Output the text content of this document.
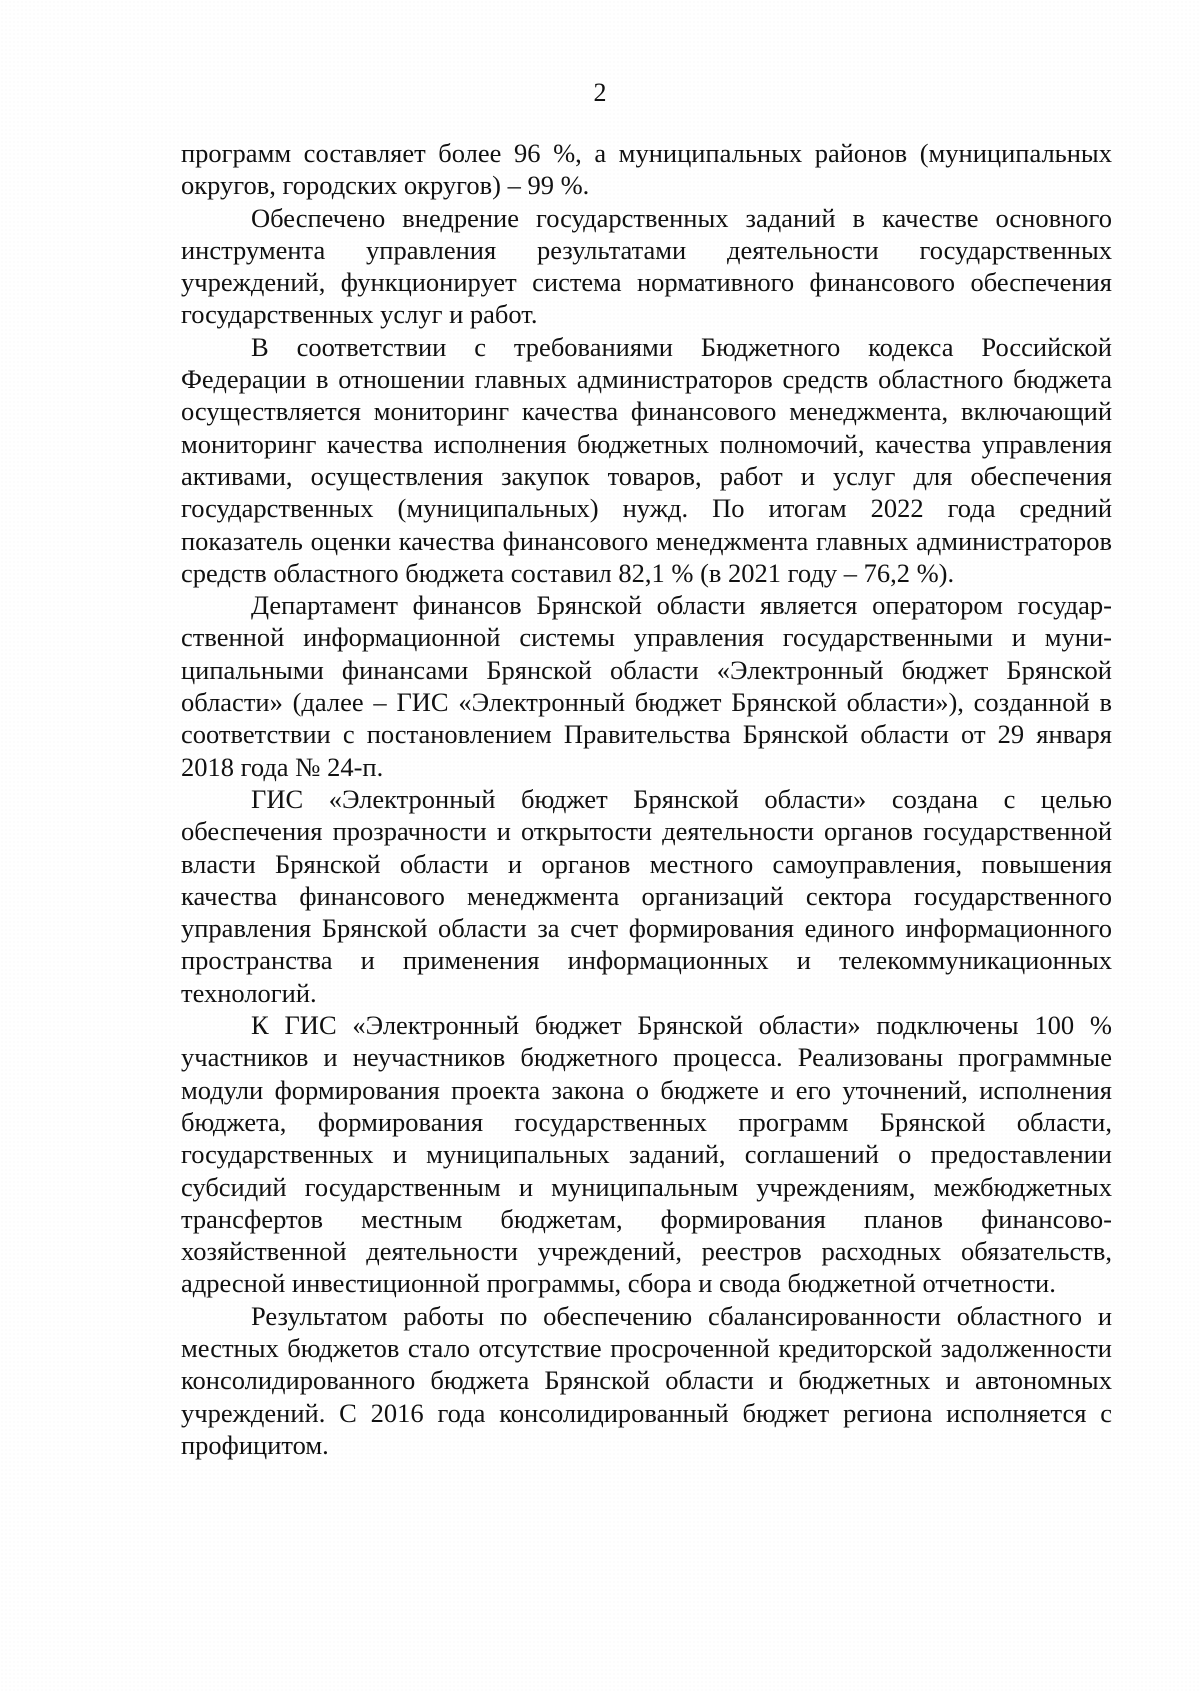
2

программ составляет более 96 %, а муниципальных районов (муниципальных округов, городских округов) – 99 %.

Обеспечено внедрение государственных заданий в качестве основного инструмента управления результатами деятельности государственных учреждений, функционирует система нормативного финансового обеспечения государственных услуг и работ.

В соответствии с требованиями Бюджетного кодекса Российской Федерации в отношении главных администраторов средств областного бюджета осуществляется мониторинг качества финансового менеджмента, включающий мониторинг качества исполнения бюджетных полномочий, качества управления активами, осуществления закупок товаров, работ и услуг для обеспечения государственных (муниципальных) нужд. По итогам 2022 года средний показатель оценки качества финансового менеджмента главных администраторов средств областного бюджета составил 82,1 % (в 2021 году – 76,2 %).

Департамент финансов Брянской области является оператором государственной информационной системы управления государственными и муниципальными финансами Брянской области «Электронный бюджет Брянской области» (далее – ГИС «Электронный бюджет Брянской области»), созданной в соответствии с постановлением Правительства Брянской области от 29 января 2018 года № 24-п.

ГИС «Электронный бюджет Брянской области» создана с целью обеспечения прозрачности и открытости деятельности органов государственной власти Брянской области и органов местного самоуправления, повышения качества финансового менеджмента организаций сектора государственного управления Брянской области за счет формирования единого информационного пространства и применения информационных и телекоммуникационных технологий.

К ГИС «Электронный бюджет Брянской области» подключены 100 % участников и неучастников бюджетного процесса. Реализованы программные модули формирования проекта закона о бюджете и его уточнений, исполнения бюджета, формирования государственных программ Брянской области, государственных и муниципальных заданий, соглашений о предоставлении субсидий государственным и муниципальным учреждениям, межбюджетных трансфертов местным бюджетам, формирования планов финансово-хозяйственной деятельности учреждений, реестров расходных обязательств, адресной инвестиционной программы, сбора и свода бюджетной отчетности.

Результатом работы по обеспечению сбалансированности областного и местных бюджетов стало отсутствие просроченной кредиторской задолженности консолидированного бюджета Брянской области и бюджетных и автономных учреждений. С 2016 года консолидированный бюджет региона исполняется с профицитом.
